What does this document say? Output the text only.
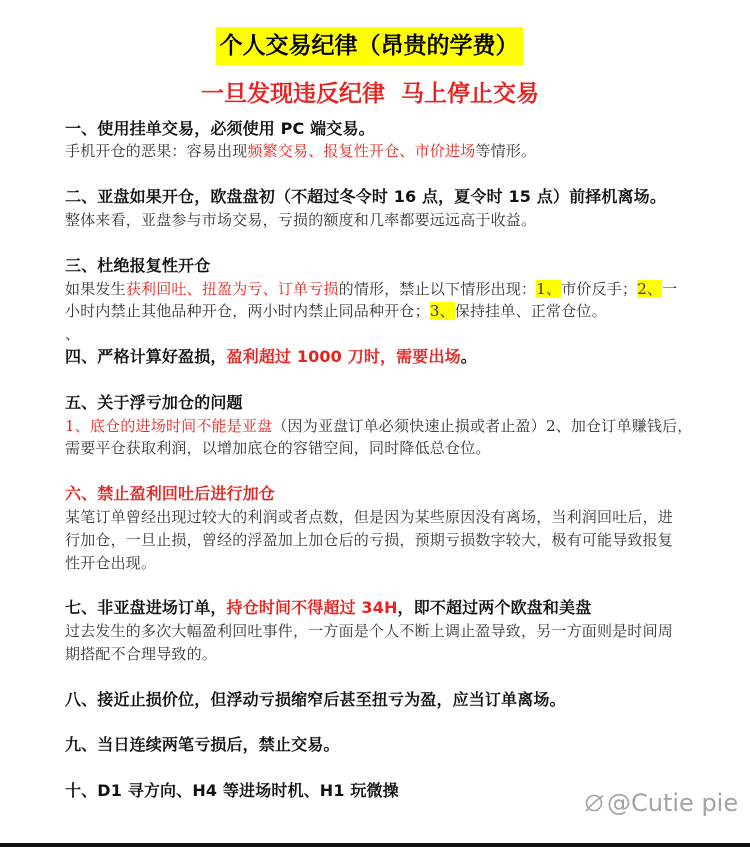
个人交易纪律（昂贵的学费）
一旦发现违反纪律  马上停止交易
一、使用挂单交易，必须使用 PC 端交易。
手机开仓的恶果：容易出现频繁交易、报复性开仓、市价进场等情形。
二、亚盘如果开仓，欧盘盘初（不超过冬令时 16 点，夏令时 15 点）前择机离场。
整体来看，亚盘参与市场交易，亏损的额度和几率都要远远高于收益。
三、杜绝报复性开仓
如果发生获利回吐、扭盈为亏、订单亏损的情形，禁止以下情形出现：1、市价反手；2、一
小时内禁止其他品种开仓，两小时内禁止同品种开仓；3、保持挂单、正常仓位。
、
四、严格计算好盈损，盈利超过 1000 刀时，需要出场。
五、关于浮亏加仓的问题
1、底仓的进场时间不能是亚盘（因为亚盘订单必须快速止损或者止盈）2、加仓订单赚钱后，
需要平仓获取利润，以增加底仓的容错空间，同时降低总仓位。
六、禁止盈利回吐后进行加仓
某笔订单曾经出现过较大的利润或者点数，但是因为某些原因没有离场，当利润回吐后，进
行加仓，一旦止损，曾经的浮盈加上加仓后的亏损，预期亏损数字较大，极有可能导致报复
性开仓出现。
七、非亚盘进场订单，持仓时间不得超过 34H，即不超过两个欧盘和美盘
过去发生的多次大幅盈利回吐事件，一方面是个人不断上调止盈导致，另一方面则是时间周
期搭配不合理导致的。
八、接近止损价位，但浮动亏损缩窄后甚至扭亏为盈，应当订单离场。
九、当日连续两笔亏损后，禁止交易。
十、D1 寻方向、H4 等进场时机、H1 玩微操	@Cutie pie
